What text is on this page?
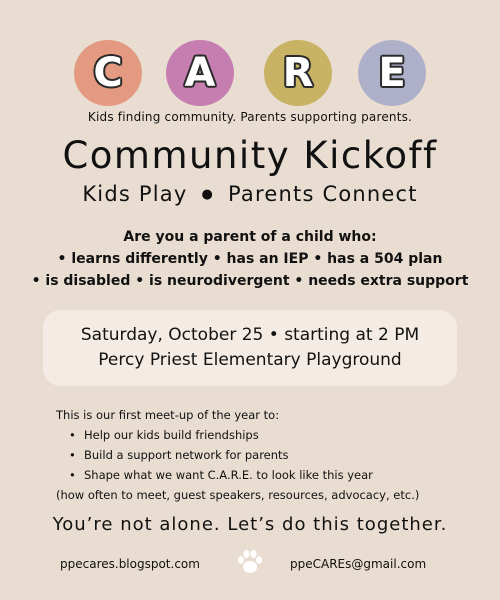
C A R E
Kids finding community. Parents supporting parents.
Community Kickoff
Kids Play ● Parents Connect
Are you a parent of a child who:
• learns differently • has an IEP • has a 504 plan
• is disabled • is neurodivergent • needs extra support
Saturday, October 25 • starting at 2 PM
Percy Priest Elementary Playground
This is our first meet-up of the year to:
• Help our kids build friendships
• Build a support network for parents
• Shape what we want C.A.R.E. to look like this year
(how often to meet, guest speakers, resources, advocacy, etc.)
You’re not alone. Let’s do this together.
ppecares.blogspot.com	ppeCAREs@gmail.com
